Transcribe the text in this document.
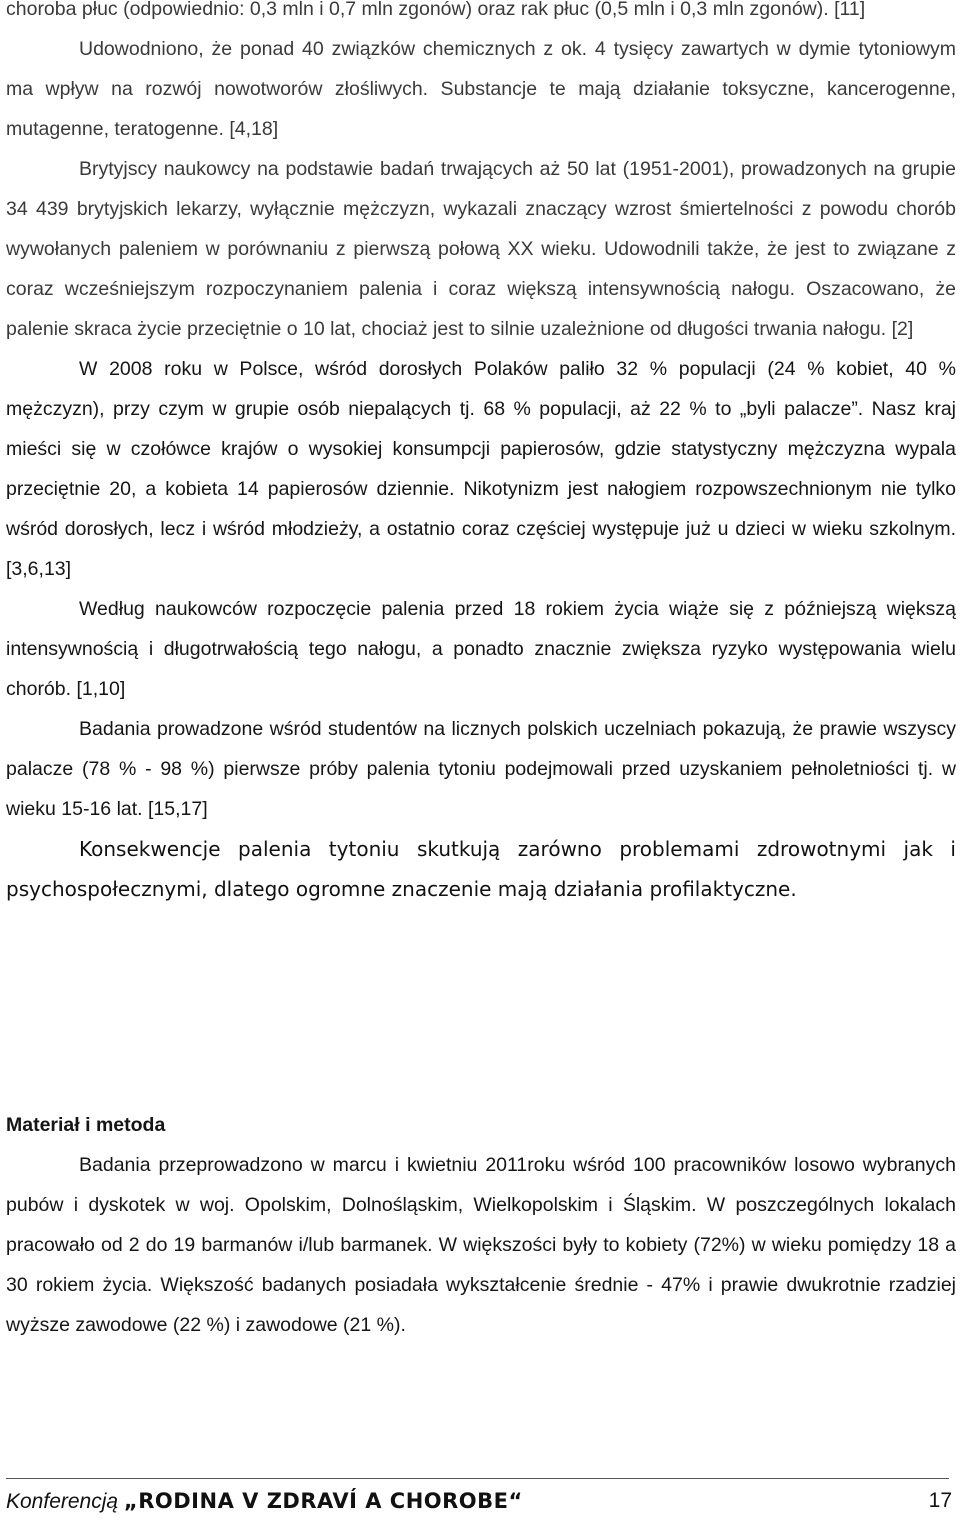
choroba płuc (odpowiednio: 0,3 mln i 0,7 mln zgonów) oraz rak płuc (0,5 mln i 0,3 mln zgonów). [11]

Udowodniono, że ponad 40 związków chemicznych z ok. 4 tysięcy zawartych w dymie tytoniowym ma wpływ na rozwój nowotworów złośliwych. Substancje te mają działanie toksyczne, kancerogenne, mutagenne, teratogenne. [4,18]

Brytyjscy naukowcy na podstawie badań trwających aż 50 lat (1951-2001), prowadzonych na grupie 34 439 brytyjskich lekarzy, wyłącznie mężczyzn, wykazali znaczący wzrost śmiertelności z powodu chorób wywołanych paleniem w porównaniu z pierwszą połową XX wieku. Udowodnili także, że jest to związane z coraz wcześniejszym rozpoczynaniem palenia i coraz większą intensywnością nałogu. Oszacowano, że palenie skraca życie przeciętnie o 10 lat, chociaż jest to silnie uzależnione od długości trwania nałogu. [2]

W 2008 roku w Polsce, wśród dorosłych Polaków paliło 32 % populacji (24 % kobiet, 40 % mężczyzn), przy czym w grupie osób niepalących tj. 68 % populacji, aż 22 % to „byli palacze”. Nasz kraj mieści się w czołówce krajów o wysokiej konsumpcji papierosów, gdzie statystyczny mężczyzna wypala przeciętnie 20, a kobieta 14 papierosów dziennie. Nikotynizm jest nałogiem rozpowszechnionym nie tylko wśród dorosłych, lecz i wśród młodzieży, a ostatnio coraz częściej występuje już u dzieci w wieku szkolnym. [3,6,13]

Według naukowców rozpoczęcie palenia przed 18 rokiem życia wiąże się z późniejszą większą intensywnością i długotrwałością tego nałogu, a ponadto znacznie zwiększa ryzyko występowania wielu chorób. [1,10]

Badania prowadzone wśród studentów na licznych polskich uczelniach pokazują, że prawie wszyscy palacze (78 % - 98 %) pierwsze próby palenia tytoniu podejmowali przed uzyskaniem pełnoletniości tj. w wieku 15-16 lat. [15,17]

Konsekwencje palenia tytoniu skutkują zarówno problemami zdrowotnymi jak i psychospołecznymi, dlatego ogromne znaczenie mają działania profilaktyczne.

Materiał i metoda

Badania przeprowadzono w marcu i kwietniu 2011roku wśród 100 pracowników losowo wybranych pubów i dyskotek w woj. Opolskim, Dolnośląskim, Wielkopolskim i Śląskim. W poszczególnych lokalach pracowało od 2 do 19 barmanów i/lub barmanek. W większości były to kobiety (72%) w wieku pomiędzy 18 a 30 rokiem życia. Większość badanych posiadała wykształcenie średnie - 47% i prawie dwukrotnie rzadziej wyższe zawodowe (22 %) i zawodowe (21 %).

Konferencją „RODINA V ZDRAVÍ A CHOROBE“	17
